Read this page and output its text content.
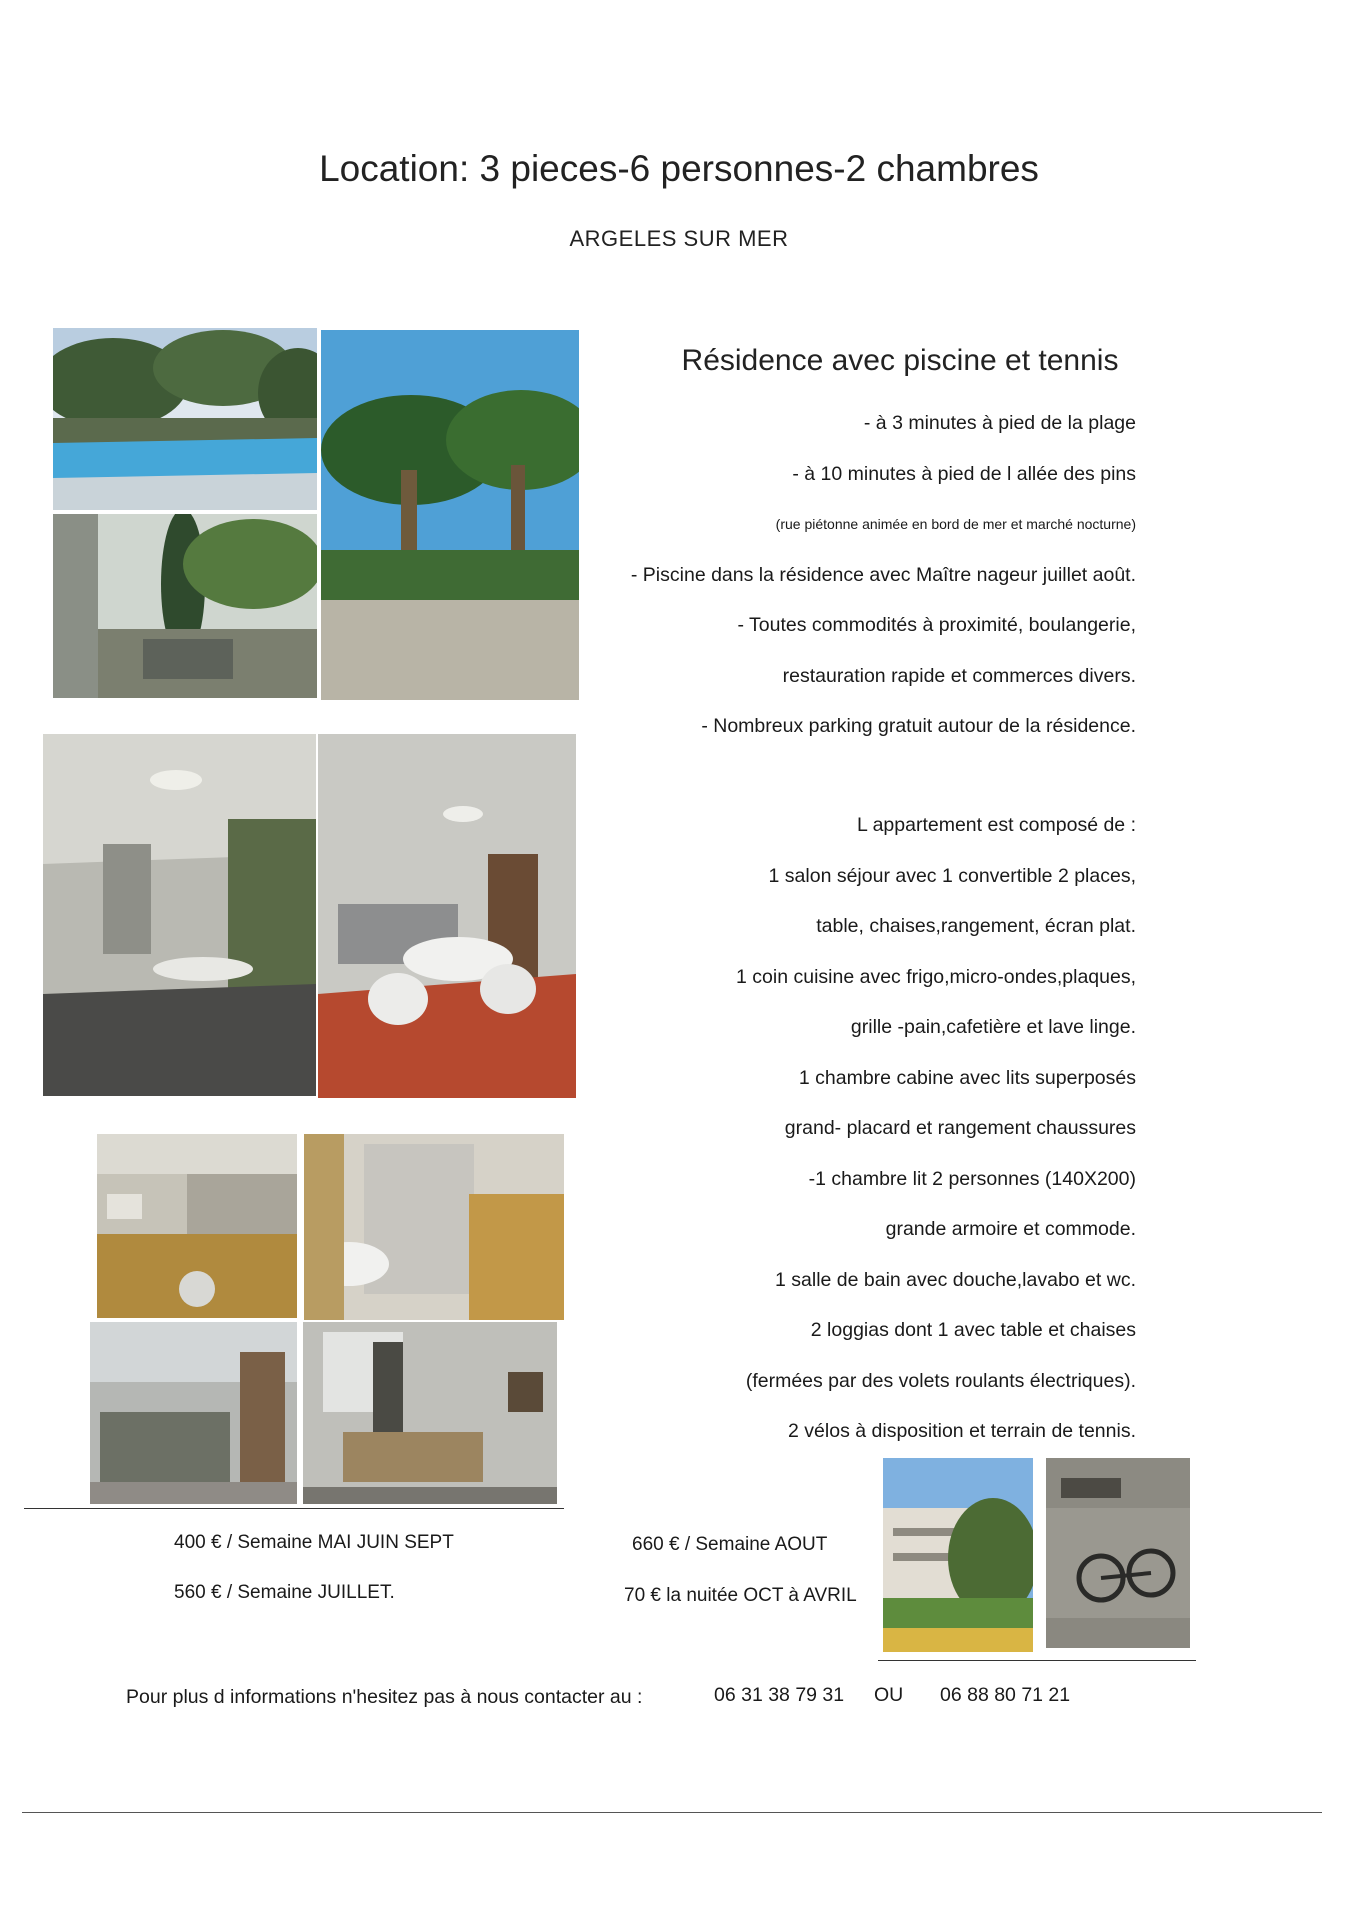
Location: 3 pieces-6 personnes-2 chambres
ARGELES SUR MER
Résidence avec piscine et tennis
- à 3 minutes à pied de la plage
- à 10 minutes à pied de l allée des pins
(rue piétonne animée en bord de mer et marché nocturne)
- Piscine dans la résidence avec Maître nageur juillet août.
- Toutes commodités à proximité, boulangerie,
restauration rapide et commerces divers.
- Nombreux parking gratuit autour de la résidence.
L appartement est composé de :
1 salon séjour avec 1 convertible 2 places,
table, chaises,rangement, écran plat.
1 coin cuisine avec frigo,micro-ondes,plaques,
grille -pain,cafetière et lave linge.
1 chambre cabine avec lits superposés
grand- placard et rangement chaussures
-1 chambre lit 2 personnes (140X200)
grande armoire et commode.
1 salle de bain avec douche,lavabo et wc.
2 loggias dont 1 avec table et chaises
(fermées par des volets roulants électriques).
2 vélos à disposition et terrain de tennis.
400 € / Semaine MAI JUIN SEPT
560 € / Semaine JUILLET.
660 € / Semaine AOUT
70 € la nuitée OCT à AVRIL
Pour plus d informations n'hesitez pas à nous contacter au :	06 31 38 79 31 OU 06 88 80 71 21
